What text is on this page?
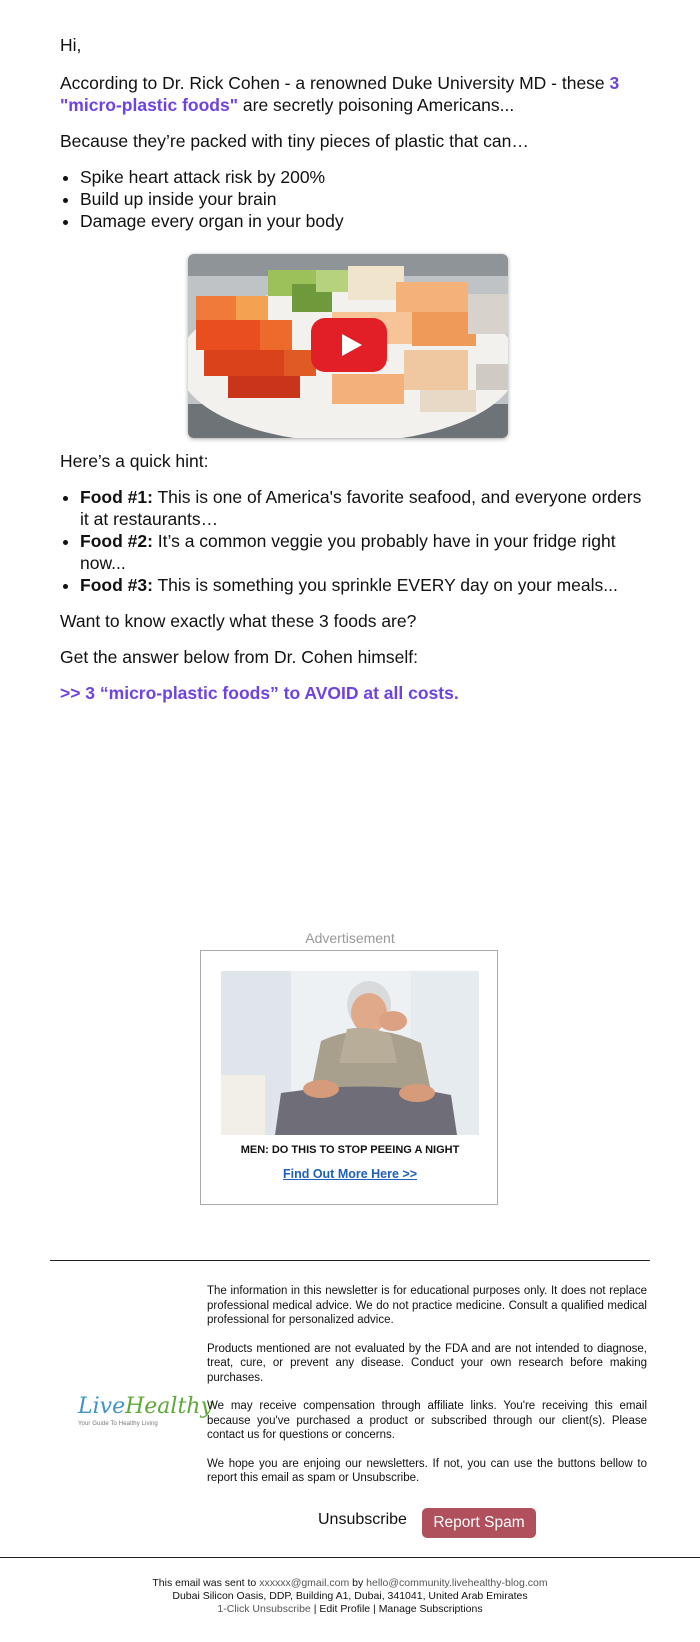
Hi,

According to Dr. Rick Cohen - a renowned Duke University MD - these 3 "micro-plastic foods" are secretly poisoning Americans...

Because they’re packed with tiny pieces of plastic that can…

• Spike heart attack risk by 200%
• Build up inside your brain
• Damage every organ in your body

Here’s a quick hint:

• Food #1: This is one of America's favorite seafood, and everyone orders it at restaurants…
• Food #2: It’s a common veggie you probably have in your fridge right now...
• Food #3: This is something you sprinkle EVERY day on your meals...

Want to know exactly what these 3 foods are?

Get the answer below from Dr. Cohen himself:

>> 3 “micro-plastic foods” to AVOID at all costs.

Advertisement
MEN: DO THIS TO STOP PEEING A NIGHT
Find Out More Here >>
LiveHealthy
Your Guide To Healthy Living

The information in this newsletter is for educational purposes only. It does not replace professional medical advice. We do not practice medicine. Consult a qualified medical professional for personalized advice.

Products mentioned are not evaluated by the FDA and are not intended to diagnose, treat, cure, or prevent any disease. Conduct your own research before making purchases.

We may receive compensation through affiliate links. You're receiving this email because you've purchased a product or subscribed through our client(s). Please contact us for questions or concerns.

We hope you are enjoing our newsletters. If not, you can use the buttons bellow to report this email as spam or Unsubscribe.

Unsubscribe	Report Spam
This email was sent to xxxxxx@gmail.com by hello@community.livehealthy-blog.com
Dubai Silicon Oasis, DDP, Building A1, Dubai, 341041, United Arab Emirates
1-Click Unsubscribe | Edit Profile | Manage Subscriptions
